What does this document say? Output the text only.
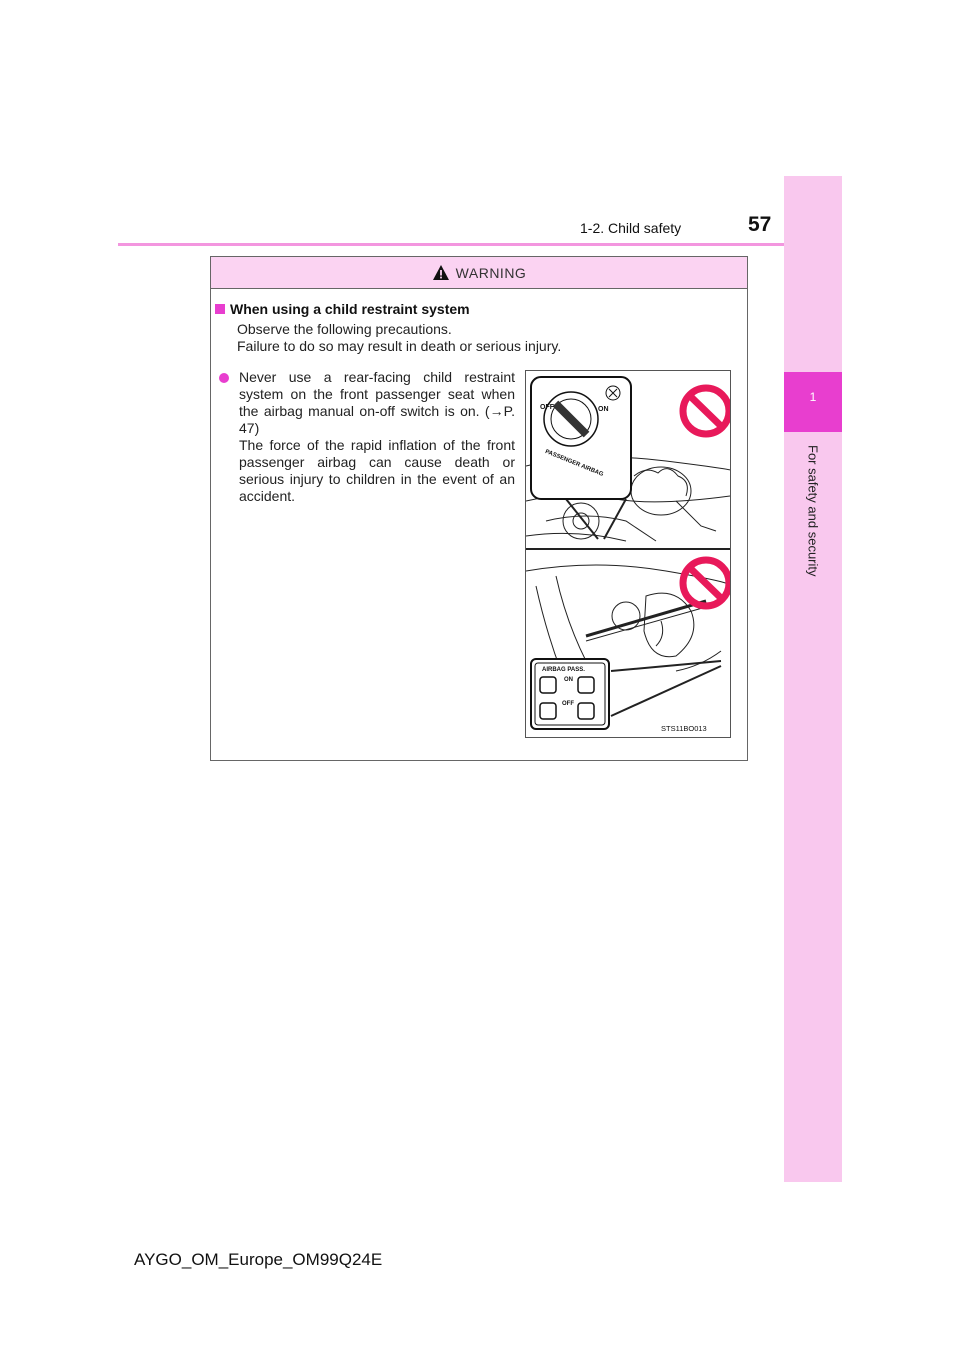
1-2. Child safety	57
1
For safety and security
WARNING
When using a child restraint system
Observe the following precautions.
Failure to do so may result in death or serious injury.
Never use a rear-facing child restraint system on the front passenger seat when the airbag manual on-off switch is on. (→P. 47)
The force of the rapid inflation of the front passenger airbag can cause death or serious injury to children in the event of an accident.
OFF	ON
PASSENGER AIRBAG
AIRBAG PASS.
ON
OFF
STS11BO013
AYGO_OM_Europe_OM99Q24E
